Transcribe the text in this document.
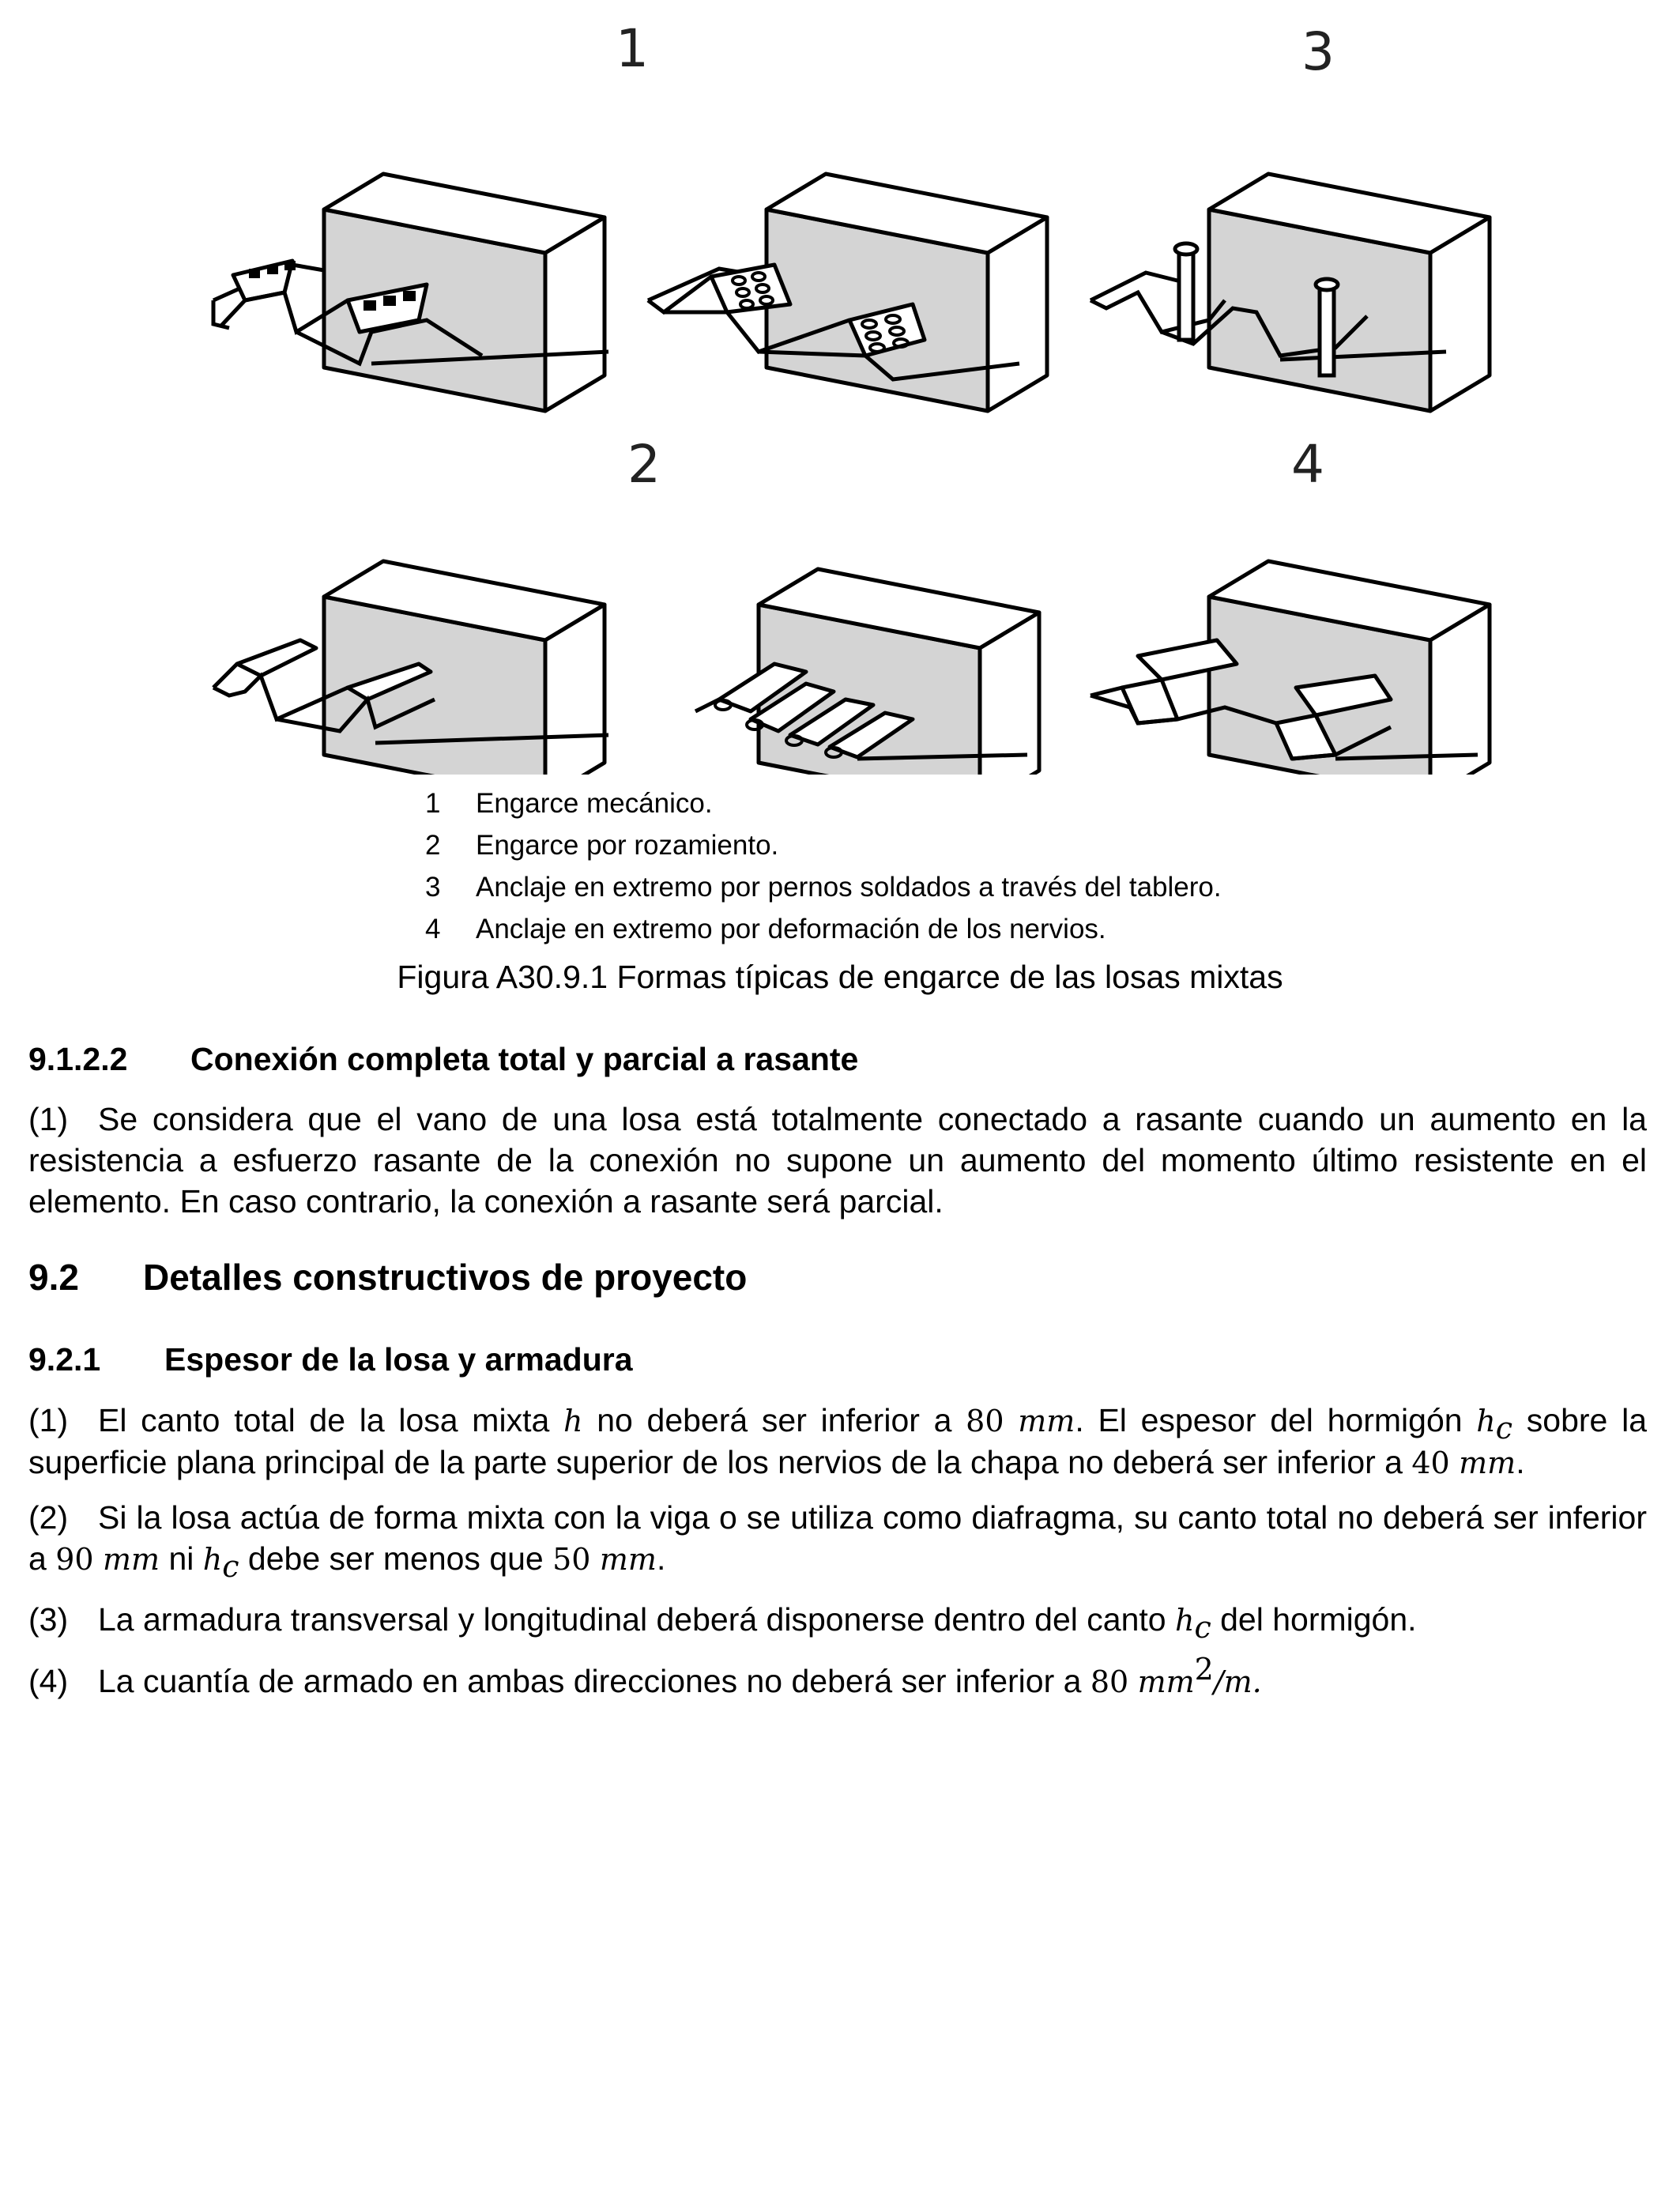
1	3
2	4
1	Engarce mecánico.
2	Engarce por rozamiento.
3	Anclaje en extremo por pernos soldados a través del tablero.
4	Anclaje en extremo por deformación de los nervios.
Figura A30.9.1 Formas típicas de engarce de las losas mixtas
9.1.2.2 Conexión completa total y parcial a rasante
(1) Se considera que el vano de una losa está totalmente conectado a rasante cuando un aumento en la resistencia a esfuerzo rasante de la conexión no supone un aumento del momento último resistente en el elemento. En caso contrario, la conexión a rasante será parcial.
9.2 Detalles constructivos de proyecto
9.2.1 Espesor de la losa y armadura
(1) El canto total de la losa mixta h no deberá ser inferior a 80 mm. El espesor del hormigón $h_c$ sobre la superficie plana principal de la parte superior de los nervios de la chapa no deberá ser inferior a 40 mm.
(2) Si la losa actúa de forma mixta con la viga o se utiliza como diafragma, su canto total no deberá ser inferior a 90 mm ni $h_c$ debe ser menos que 50 mm.
(3) La armadura transversal y longitudinal deberá disponerse dentro del canto $h_c$ del hormigón.
(4) La cuantía de armado en ambas direcciones no deberá ser inferior a 80 $mm^2/m$.
